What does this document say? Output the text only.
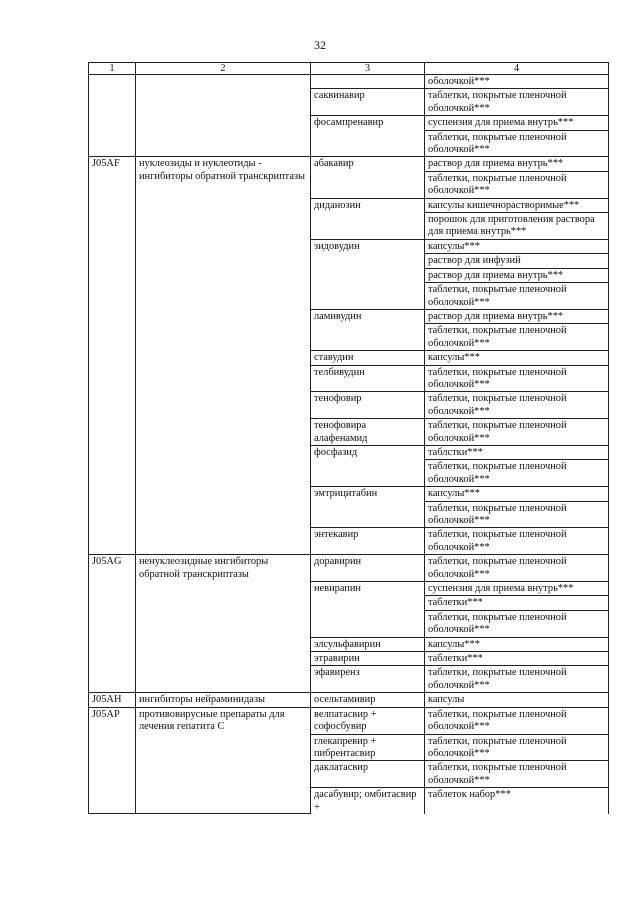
32
1	2	3	4
			оболочкой***
		саквинавир	таблетки, покрытые пленочной оболочкой***
		фосампренавир	суспензия для приема внутрь***
			таблетки, покрытые пленочной оболочкой***
J05AF	нуклеозиды и нуклеотиды - ингибиторы обратной транскриптазы	абакавир	раствор для приема внутрь***
			таблетки, покрытые пленочной оболочкой***
		диданозин	капсулы кишечнорастворимые***
			порошок для приготовления раствора для приема внутрь***
		зидовудин	капсулы***
			раствор для инфузий
			раствор для приема внутрь***
			таблетки, покрытые пленочной оболочкой***
		ламивудин	раствор для приема внутрь***
			таблетки, покрытые пленочной оболочкой***
		ставудин	капсулы***
		телбивудин	таблетки, покрытые пленочной оболочкой***
		тенофовир	таблетки, покрытые пленочной оболочкой***
		тенофовира алафенамид	таблетки, покрытые пленочной оболочкой***
		фосфазид	таблстки***
			таблетки, покрытые пленочной оболочкой***
		эмтрицитабин	капсулы***
			таблетки, покрытые пленочной оболочкой***
		энтекавир	таблетки, покрытые пленочной оболочкой***
J05AG	ненуклеозидные ингибиторы обратной транскриптазы	доравирин	таблетки, покрытые пленочной оболочкой***
		невирапин	суспензия для приема внутрь***
			таблетки***
			таблетки, покрытые пленочной оболочкой***
		элсульфавирин	капсулы***
		этравирин	таблетки***
		эфавиренз	таблетки, покрытые пленочной оболочкой***
J05AH	ингибиторы нейраминидазы	осельтамивир	капсулы
J05AP	противовирусные препараты для лечения гепатита С	велпатасвир + софосбувир	таблетки, покрытые пленочной оболочкой***
		глекапревир + пибрентасвир	таблетки, покрытые пленочной оболочкой***
		даклатасвир	таблетки, покрытые пленочной оболочкой***
		дасабувир; омбитасвир +	таблеток набор***
